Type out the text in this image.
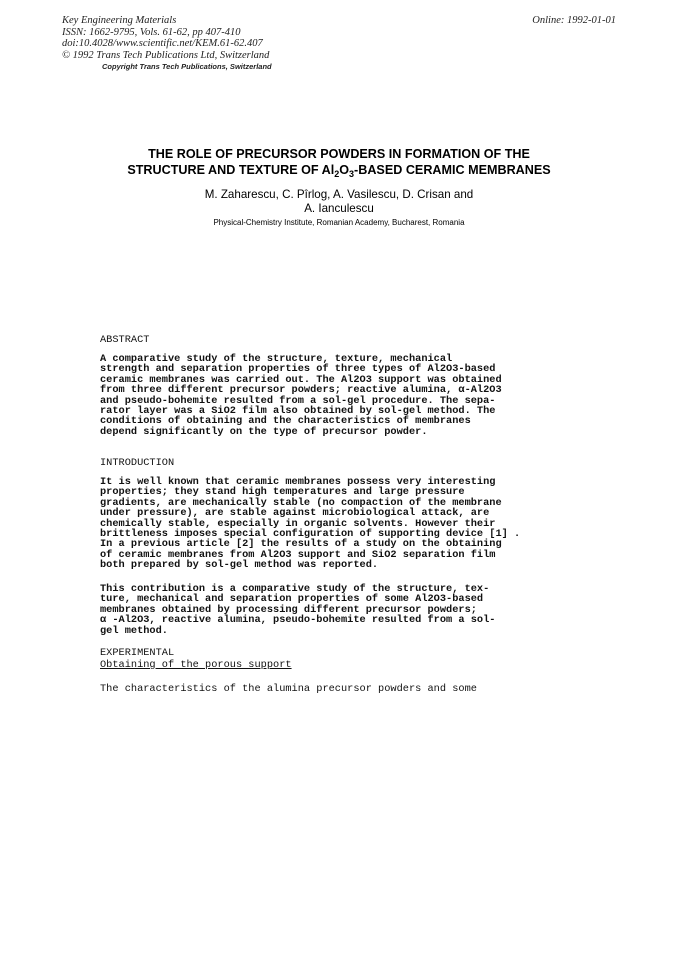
Key Engineering Materials
ISSN: 1662-9795, Vols. 61-62, pp 407-410
doi:10.4028/www.scientific.net/KEM.61-62.407
© 1992 Trans Tech Publications Ltd, Switzerland
Copyright Trans Tech Publications, Switzerland
Online: 1992-01-01
THE ROLE OF PRECURSOR POWDERS IN FORMATION OF THE
STRUCTURE AND TEXTURE OF $Al_2O_3$-BASED CERAMIC MEMBRANES
M. Zaharescu, C. Pîrlog, A. Vasilescu, D. Crisan and
A. Ianculescu
Physical-Chemistry Institute, Romanian Academy, Bucharest, Romania
ABSTRACT
A comparative study of the structure, texture, mechanical
strength and separation properties of three types of Al2O3-based
ceramic membranes was carried out. The Al2O3 support was obtained
from three different precursor powders; reactive alumina, α-Al2O3
and pseudo-bohemite resulted from a sol-gel procedure. The sepa-
rator layer was a SiO2 film also obtained by sol-gel method. The
conditions of obtaining and the characteristics of membranes
depend significantly on the type of precursor powder.
INTRODUCTION
It is well known that ceramic membranes possess very interesting
properties; they stand high temperatures and large pressure
gradients, are mechanically stable (no compaction of the membrane
under pressure), are stable against microbiological attack, are
chemically stable, especially in organic solvents. However their
brittleness imposes special configuration of supporting device [1] .
In a previous article [2] the results of a study on the obtaining
of ceramic membranes from Al2O3 support and SiO2 separation film
both prepared by sol-gel method was reported.
This contribution is a comparative study of the structure, tex-
ture, mechanical and separation properties of some Al2O3-based
membranes obtained by processing different precursor powders;
α -Al2O3, reactive alumina, pseudo-bohemite resulted from a sol-
gel method.
EXPERIMENTAL
Obtaining of the porous support
The characteristics of the alumina precursor powders and some
